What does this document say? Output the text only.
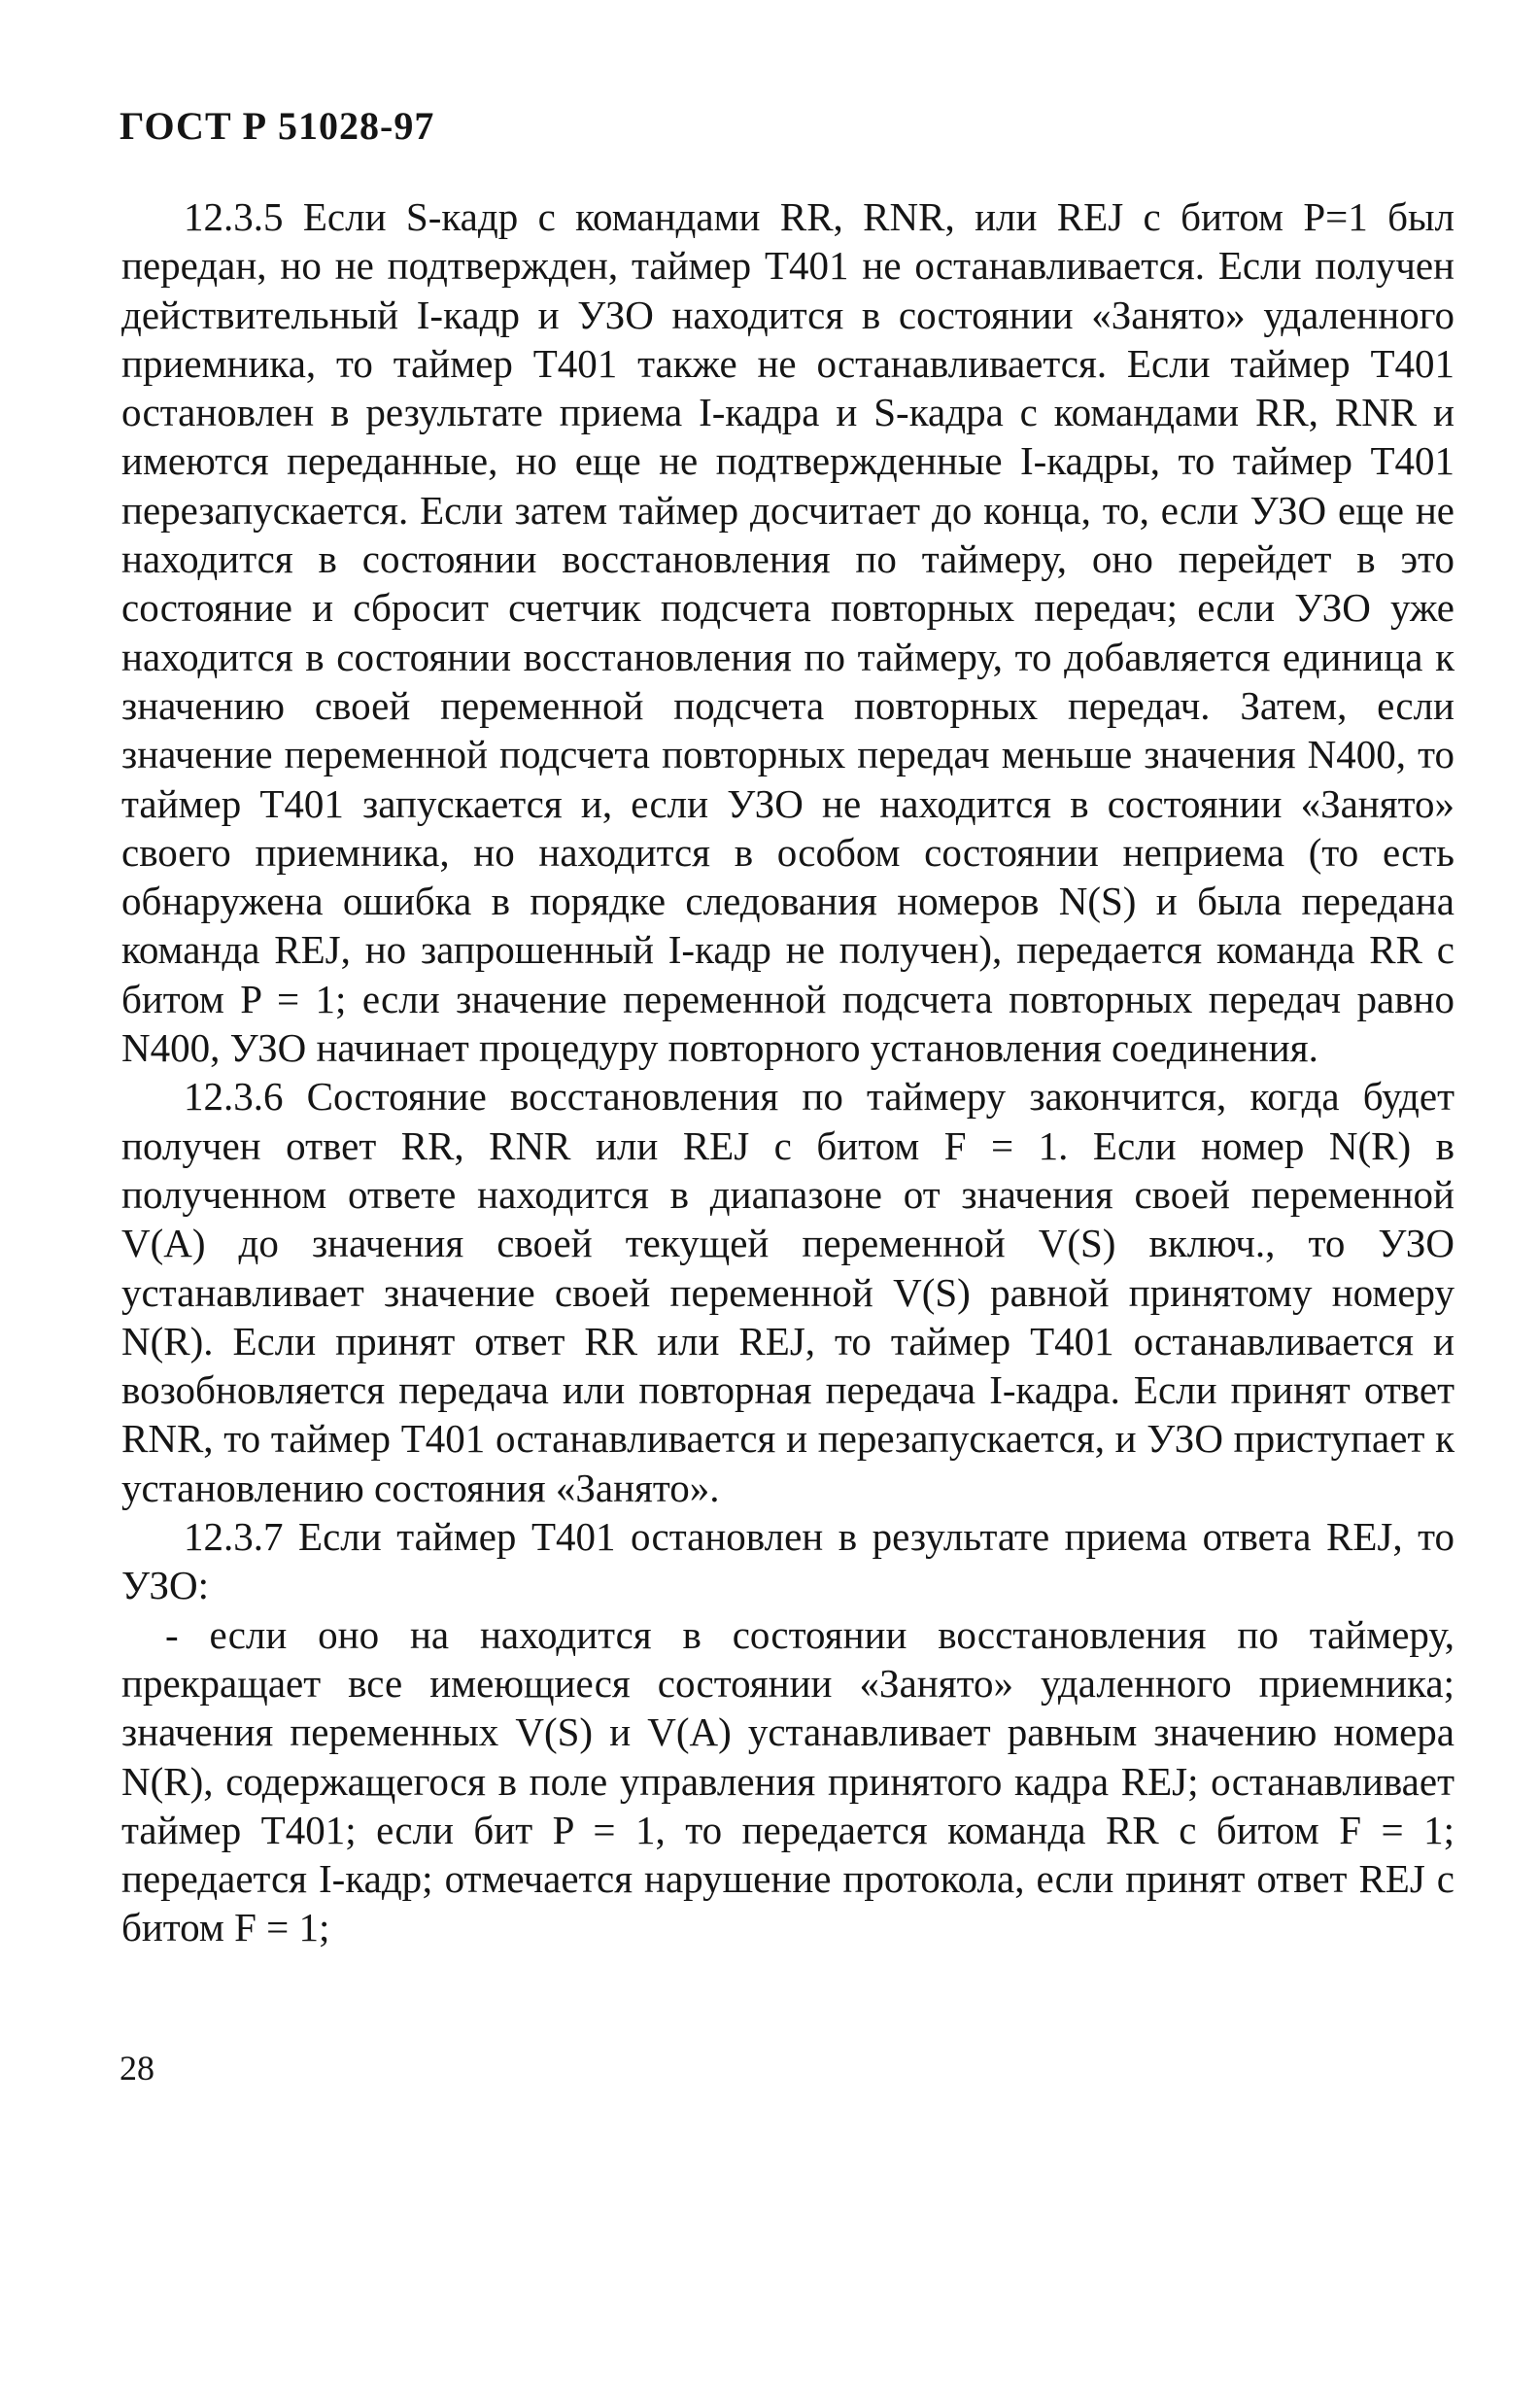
ГОСТ Р 51028-97

12.3.5 Если S-кадр с командами RR, RNR, или REJ с битом P=1 был передан, но не подтвержден, таймер T401 не останавливается. Если получен действительный I-кадр и УЗО находится в состоянии «Занято» удаленного приемника, то таймер T401 также не останавливается. Если таймер T401 остановлен в результате приема I-кадра и S-кадра с командами RR, RNR и имеются переданные, но еще не подтвержденные I-кадры, то таймер T401 перезапускается. Если затем таймер досчитает до конца, то, если УЗО еще не находится в состоянии восстановления по таймеру, оно перейдет в это состояние и сбросит счетчик подсчета повторных передач; если УЗО уже находится в состоянии восстановления по таймеру, то добавляется единица к значению своей переменной подсчета повторных передач. Затем, если значение переменной подсчета повторных передач меньше значения N400, то таймер T401 запускается и, если УЗО не находится в состоянии «Занято» своего приемника, но находится в особом состоянии неприема (то есть обнаружена ошибка в порядке следования номеров N(S) и была передана команда REJ, но запрошенный I-кадр не получен), передается команда RR с битом P = 1; если значение переменной подсчета повторных передач равно N400, УЗО начинает процедуру повторного установления соединения.

12.3.6 Состояние восстановления по таймеру закончится, когда будет получен ответ RR, RNR или REJ с битом F = 1. Если номер N(R) в полученном ответе находится в диапазоне от значения своей переменной V(A) до значения своей текущей переменной V(S) включ., то УЗО устанавливает значение своей переменной V(S) равной принятому номеру N(R). Если принят ответ RR или REJ, то таймер T401 останавливается и возобновляется передача или повторная передача I-кадра. Если принят ответ RNR, то таймер T401 останавливается и перезапускается, и УЗО приступает к установлению состояния «Занято».

12.3.7 Если таймер T401 остановлен в результате приема ответа REJ, то УЗО:

- если оно на находится в состоянии восстановления по таймеру, прекращает все имеющиеся состоянии «Занято» удаленного приемника; значения переменных V(S) и V(A) устанавливает равным значению номера N(R), содержащегося в поле управления принятого кадра REJ; останавливает таймер T401; если бит P = 1, то передается команда RR с битом F = 1; передается I-кадр; отмечается нарушение протокола, если принят ответ REJ с битом F = 1;

28
